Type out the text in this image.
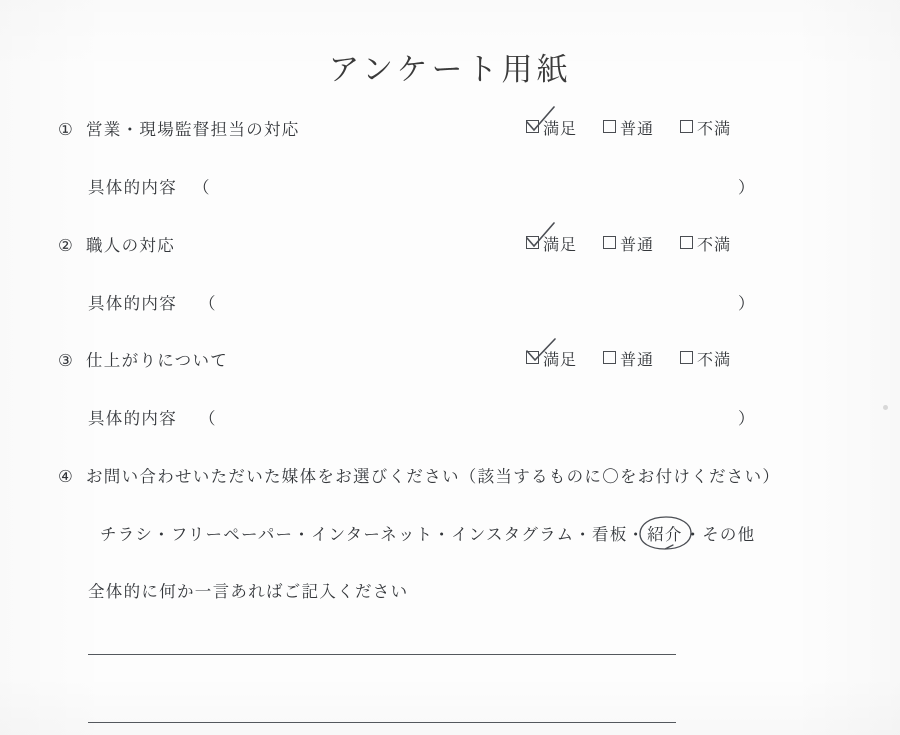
アンケート用紙
① 営業・現場監督担当の対応	満足	普通	不満
具体的内容 （	）
② 職人の対応	満足	普通	不満
具体的内容 （	）
③ 仕上がりについて	満足	普通	不満
具体的内容 （	）
④ お問い合わせいただいた媒体をお選びください（該当するものに〇をお付けください）
チラシ・フリーペーパー・インターネット・インスタグラム・看板・ 紹介 ・その他
全体的に何か一言あればご記入ください
